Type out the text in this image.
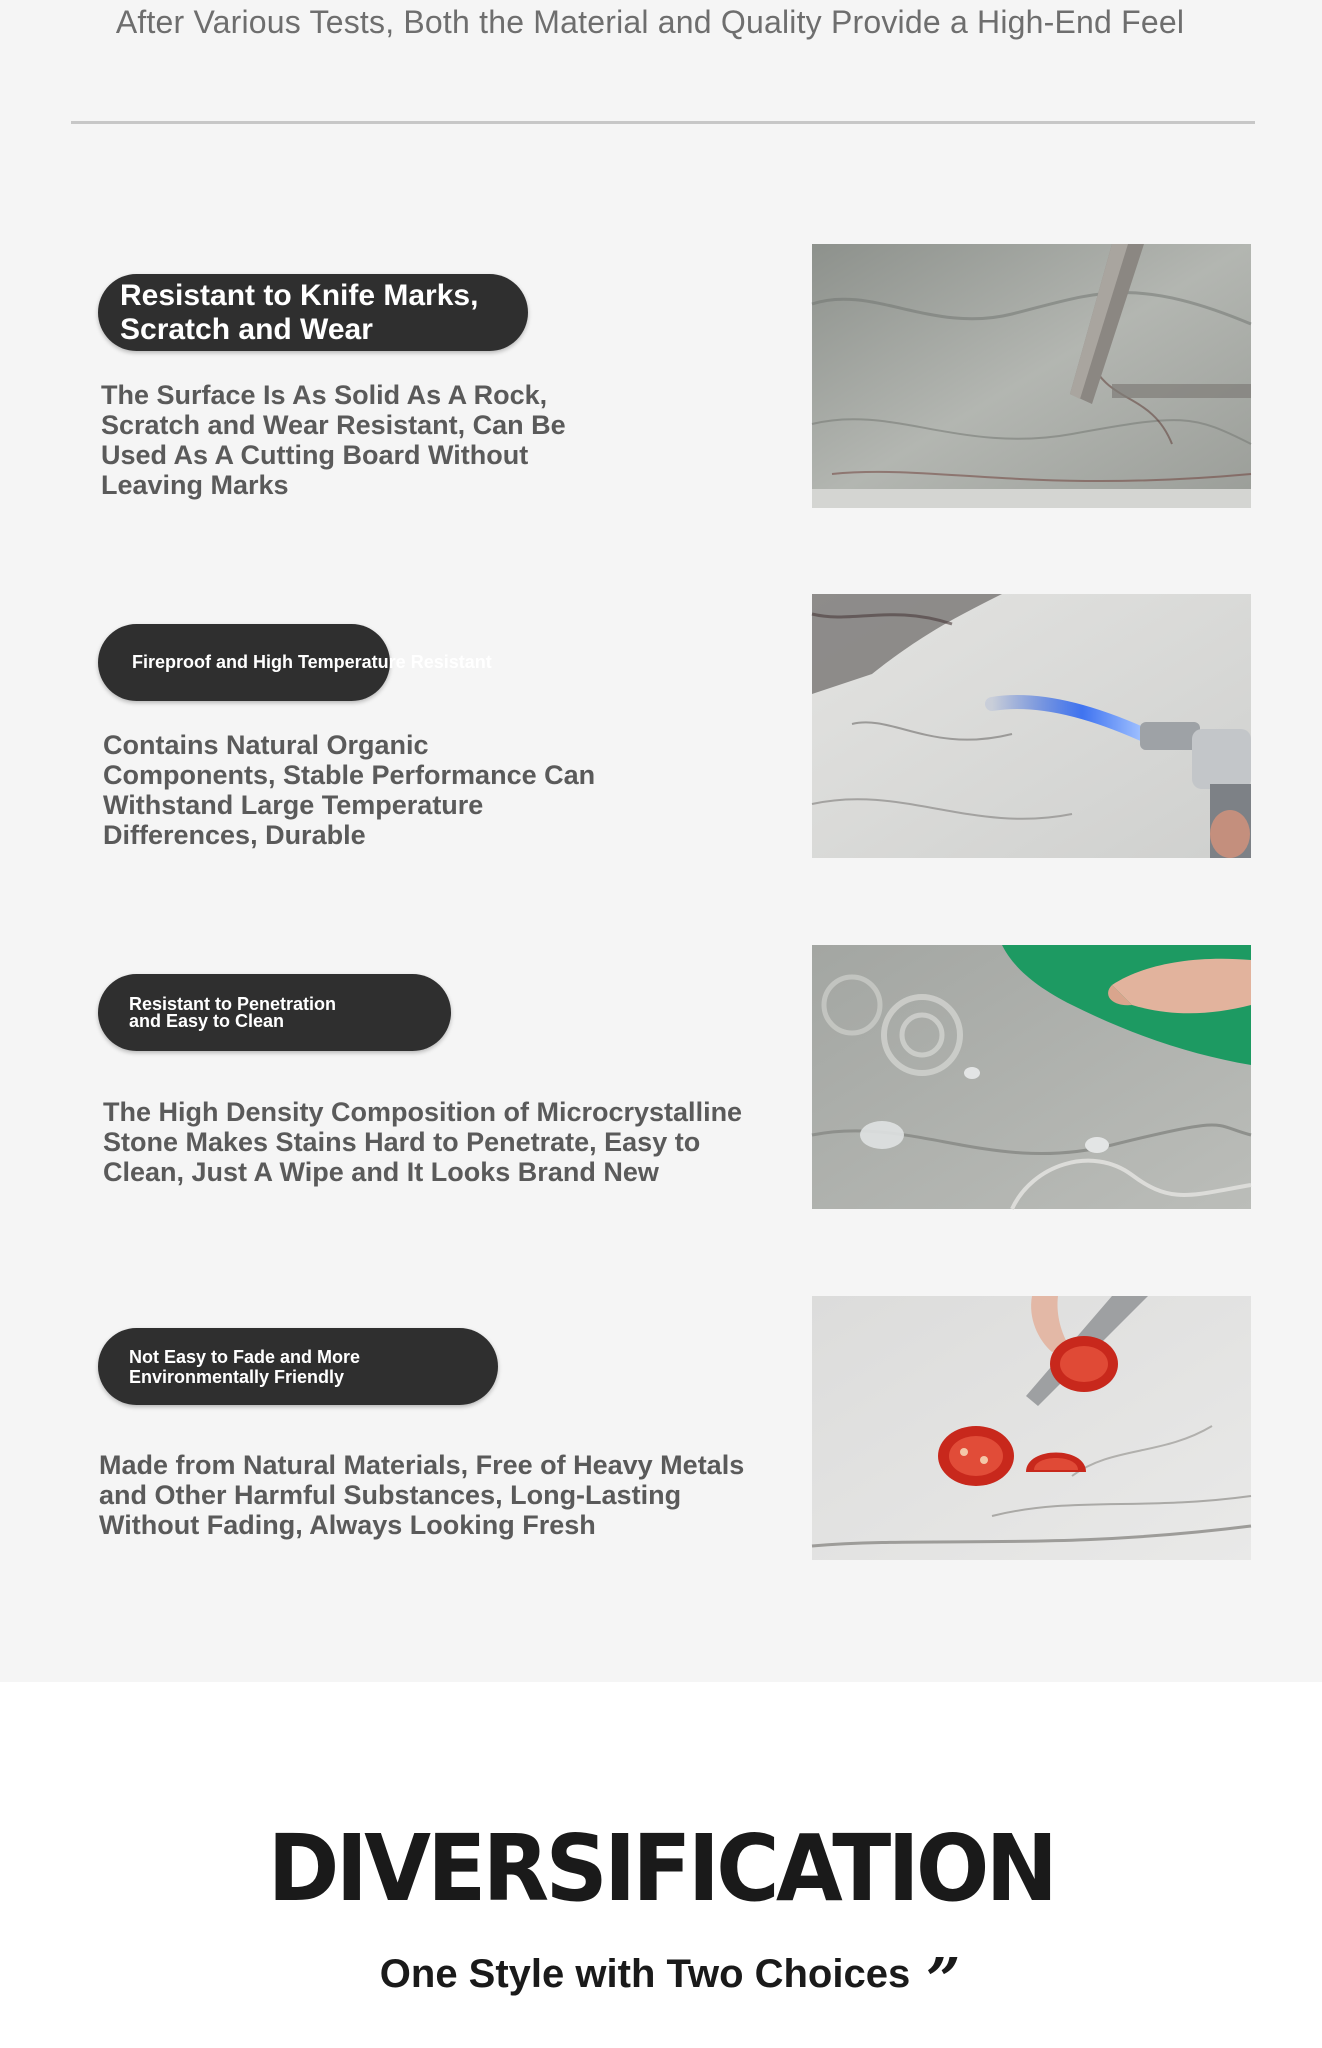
After Various Tests, Both the Material and Quality Provide a High-End Feel
Resistant to Knife Marks,
Scratch and Wear
The Surface Is As Solid As A Rock,
Scratch and Wear Resistant, Can Be
Used As A Cutting Board Without
Leaving Marks
Fireproof and High Temperature Resistant
Contains Natural Organic
Components, Stable Performance Can
Withstand Large Temperature
Differences, Durable
Resistant to Penetration
and Easy to Clean
The High Density Composition of Microcrystalline
Stone Makes Stains Hard to Penetrate, Easy to
Clean, Just A Wipe and It Looks Brand New
Not Easy to Fade and More
Environmentally Friendly
Made from Natural Materials, Free of Heavy Metals
and Other Harmful Substances, Long-Lasting
Without Fading, Always Looking Fresh
DIVERSIFICATION
One Style with Two Choices ”
